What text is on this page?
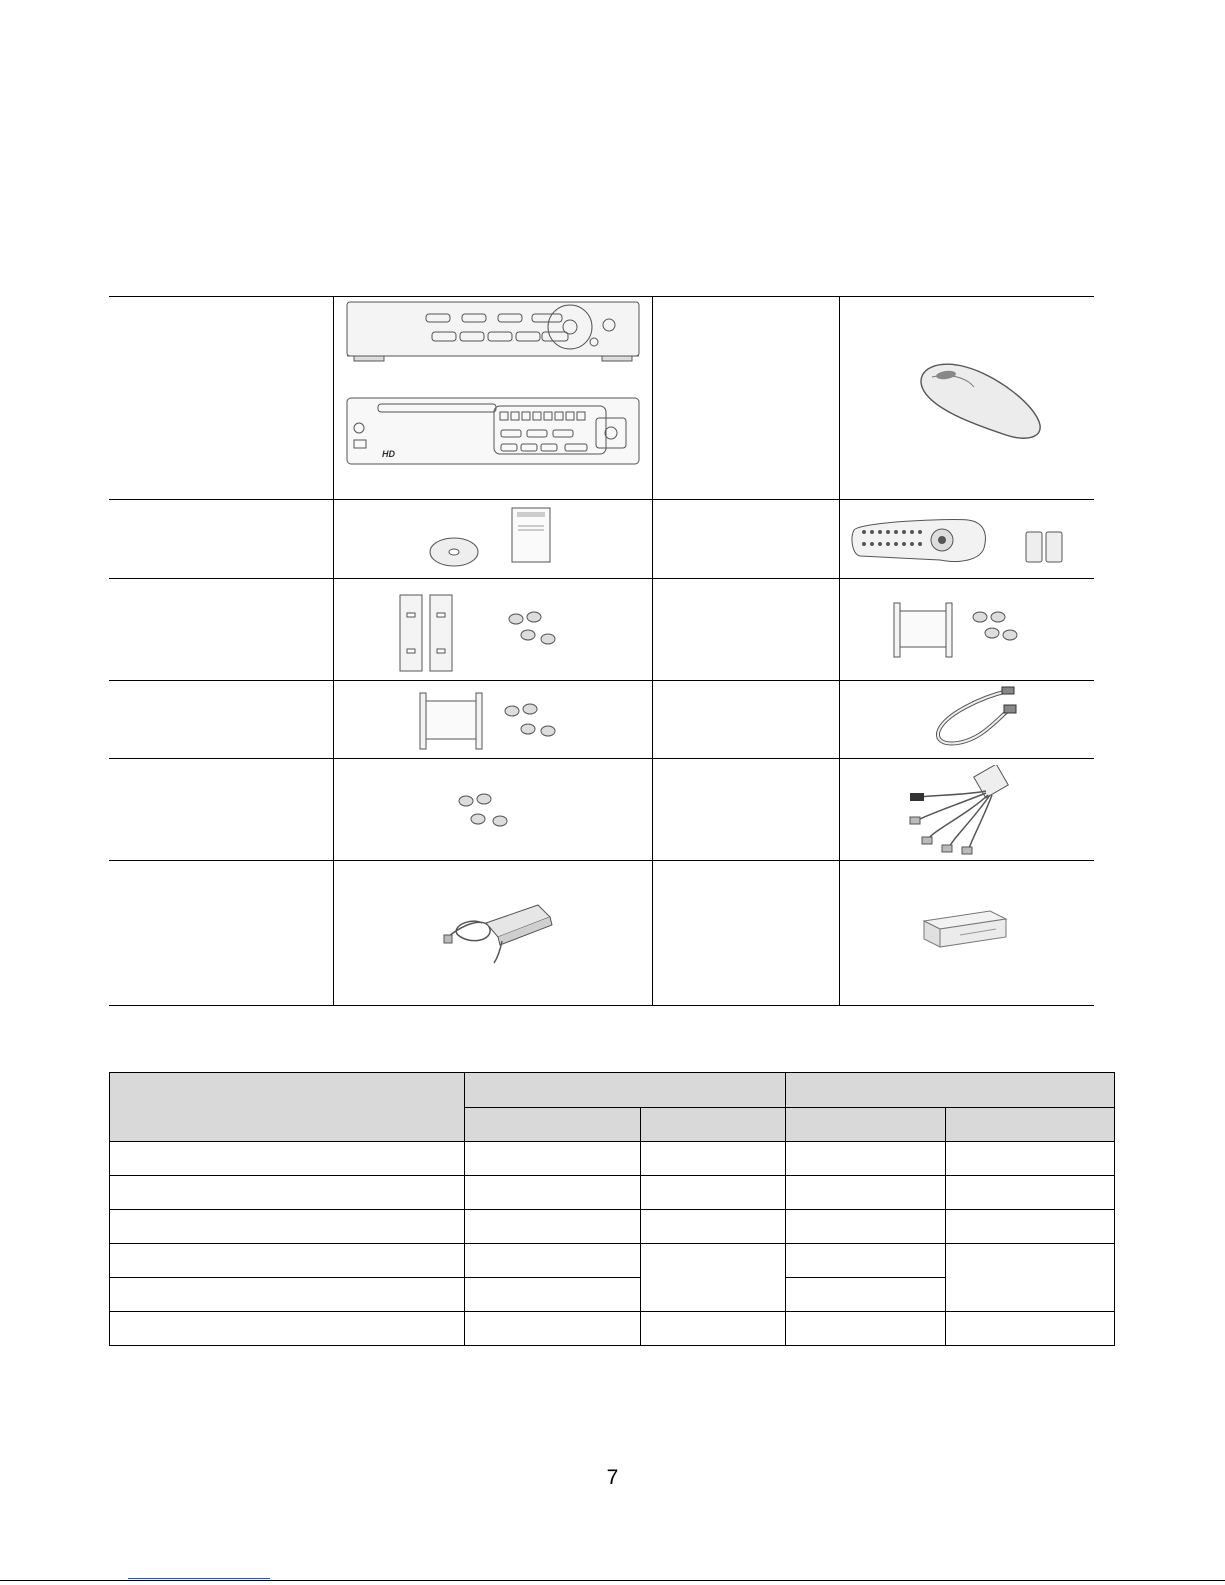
HD

7
